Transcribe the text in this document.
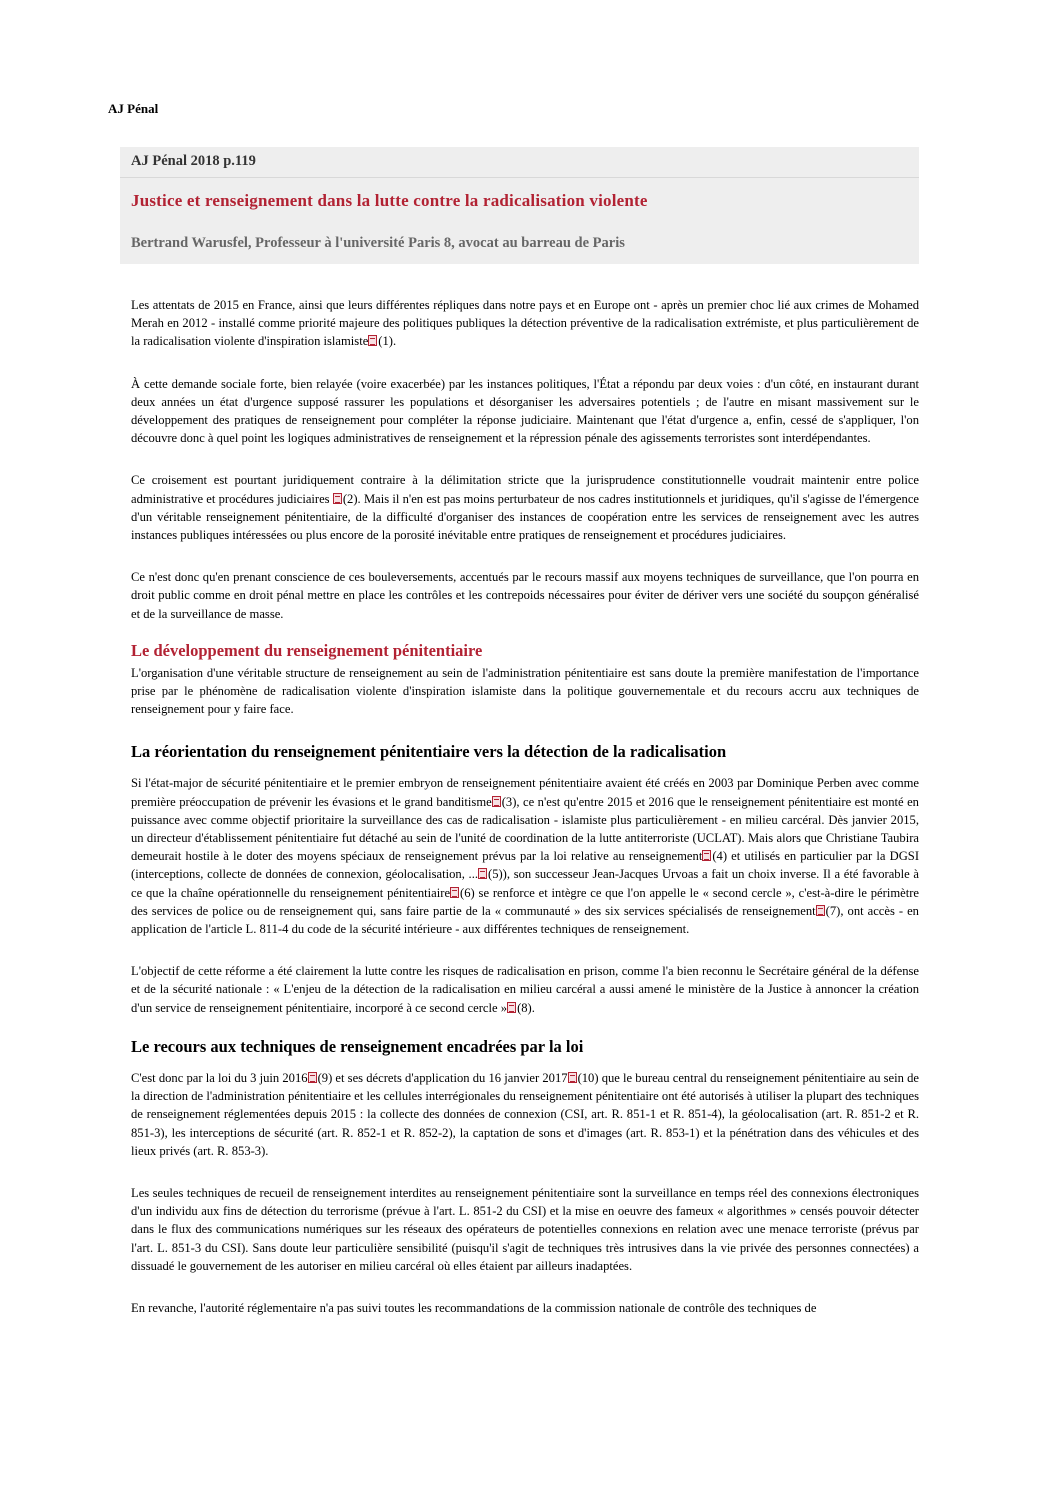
AJ Pénal
AJ Pénal 2018 p.119
Justice et renseignement dans la lutte contre la radicalisation violente
Bertrand Warusfel, Professeur à l'université Paris 8, avocat au barreau de Paris

Les attentats de 2015 en France, ainsi que leurs différentes répliques dans notre pays et en Europe ont - après un premier choc lié aux crimes de Mohamed Merah en 2012 - installé comme priorité majeure des politiques publiques la détection préventive de la radicalisation extrémiste, et plus particulièrement de la radicalisation violente d'inspiration islamiste (1).

À cette demande sociale forte, bien relayée (voire exacerbée) par les instances politiques, l'État a répondu par deux voies : d'un côté, en instaurant durant deux années un état d'urgence supposé rassurer les populations et désorganiser les adversaires potentiels ; de l'autre en misant massivement sur le développement des pratiques de renseignement pour compléter la réponse judiciaire. Maintenant que l'état d'urgence a, enfin, cessé de s'appliquer, l'on découvre donc à quel point les logiques administratives de renseignement et la répression pénale des agissements terroristes sont interdépendantes.

Ce croisement est pourtant juridiquement contraire à la délimitation stricte que la jurisprudence constitutionnelle voudrait maintenir entre police administrative et procédures judiciaires (2). Mais il n'en est pas moins perturbateur de nos cadres institutionnels et juridiques, qu'il s'agisse de l'émergence d'un véritable renseignement pénitentiaire, de la difficulté d'organiser des instances de coopération entre les services de renseignement avec les autres instances publiques intéressées ou plus encore de la porosité inévitable entre pratiques de renseignement et procédures judiciaires.

Ce n'est donc qu'en prenant conscience de ces bouleversements, accentués par le recours massif aux moyens techniques de surveillance, que l'on pourra en droit public comme en droit pénal mettre en place les contrôles et les contrepoids nécessaires pour éviter de dériver vers une société du soupçon généralisé et de la surveillance de masse.

Le développement du renseignement pénitentiaire

L'organisation d'une véritable structure de renseignement au sein de l'administration pénitentiaire est sans doute la première manifestation de l'importance prise par le phénomène de radicalisation violente d'inspiration islamiste dans la politique gouvernementale et du recours accru aux techniques de renseignement pour y faire face.

La réorientation du renseignement pénitentiaire vers la détection de la radicalisation

Si l'état-major de sécurité pénitentiaire et le premier embryon de renseignement pénitentiaire avaient été créés en 2003 par Dominique Perben avec comme première préoccupation de prévenir les évasions et le grand banditisme (3), ce n'est qu'entre 2015 et 2016 que le renseignement pénitentiaire est monté en puissance avec comme objectif prioritaire la surveillance des cas de radicalisation - islamiste plus particulièrement - en milieu carcéral. Dès janvier 2015, un directeur d'établissement pénitentiaire fut détaché au sein de l'unité de coordination de la lutte antiterroriste (UCLAT). Mais alors que Christiane Taubira demeurait hostile à le doter des moyens spéciaux de renseignement prévus par la loi relative au renseignement (4) et utilisés en particulier par la DGSI (interceptions, collecte de données de connexion, géolocalisation, ... (5)), son successeur Jean-Jacques Urvoas a fait un choix inverse. Il a été favorable à ce que la chaîne opérationnelle du renseignement pénitentiaire (6) se renforce et intègre ce que l'on appelle le « second cercle », c'est-à-dire le périmètre des services de police ou de renseignement qui, sans faire partie de la « communauté » des six services spécialisés de renseignement (7), ont accès - en application de l'article L. 811-4 du code de la sécurité intérieure - aux différentes techniques de renseignement.

L'objectif de cette réforme a été clairement la lutte contre les risques de radicalisation en prison, comme l'a bien reconnu le Secrétaire général de la défense et de la sécurité nationale : « L'enjeu de la détection de la radicalisation en milieu carcéral a aussi amené le ministère de la Justice à annoncer la création d'un service de renseignement pénitentiaire, incorporé à ce second cercle » (8).

Le recours aux techniques de renseignement encadrées par la loi

C'est donc par la loi du 3 juin 2016 (9) et ses décrets d'application du 16 janvier 2017 (10) que le bureau central du renseignement pénitentiaire au sein de la direction de l'administration pénitentiaire et les cellules interrégionales du renseignement pénitentiaire ont été autorisés à utiliser la plupart des techniques de renseignement réglementées depuis 2015 : la collecte des données de connexion (CSI, art. R. 851-1 et R. 851-4), la géolocalisation (art. R. 851-2 et R. 851-3), les interceptions de sécurité (art. R. 852-1 et R. 852-2), la captation de sons et d'images (art. R. 853-1) et la pénétration dans des véhicules et des lieux privés (art. R. 853-3).

Les seules techniques de recueil de renseignement interdites au renseignement pénitentiaire sont la surveillance en temps réel des connexions électroniques d'un individu aux fins de détection du terrorisme (prévue à l'art. L. 851-2 du CSI) et la mise en oeuvre des fameux « algorithmes » censés pouvoir détecter dans le flux des communications numériques sur les réseaux des opérateurs de potentielles connexions en relation avec une menace terroriste (prévus par l'art. L. 851-3 du CSI). Sans doute leur particulière sensibilité (puisqu'il s'agit de techniques très intrusives dans la vie privée des personnes connectées) a dissuadé le gouvernement de les autoriser en milieu carcéral où elles étaient par ailleurs inadaptées.

En revanche, l'autorité réglementaire n'a pas suivi toutes les recommandations de la commission nationale de contrôle des techniques de
